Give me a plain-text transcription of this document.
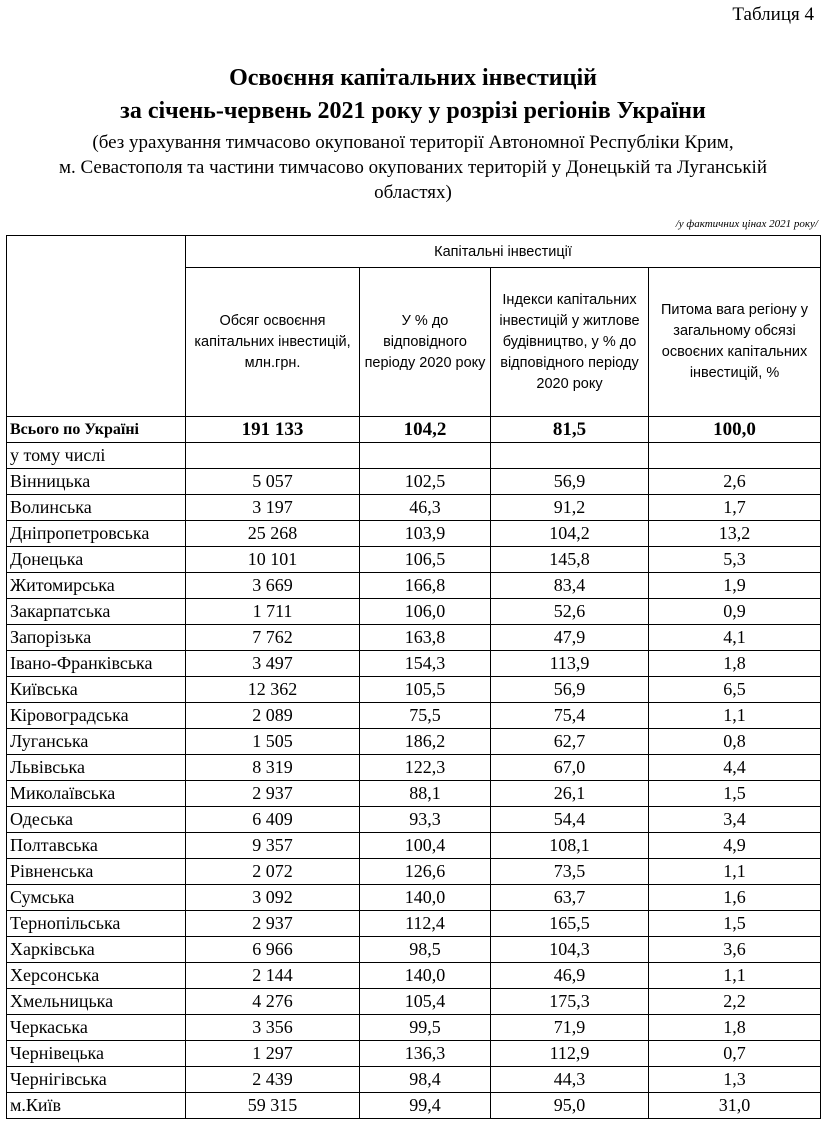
Таблиця 4
Освоєння капітальних інвестицій
за січень-червень 2021 року у розрізі регіонів України
(без урахування тимчасово окупованої території Автономної Республіки Крим,
м. Севастополя та частини тимчасово окупованих територій у Донецькій та Луганській
областях)
/у фактичних цінах 2021 року/
	Капітальні інвестиції			
	Обсяг освоєння капітальних інвестицій, млн.грн.	У % до відповідного періоду 2020 року	Індекси капітальних інвестицій у житлове будівництво, у % до відповідного періоду 2020 року	Питома вага регіону у загальному обсязі освоєних капітальних інвестицій, %
Всього по Україні	191 133	104,2	81,5	100,0
у тому числі				
Вінницька	5 057	102,5	56,9	2,6
Волинська	3 197	46,3	91,2	1,7
Дніпропетровська	25 268	103,9	104,2	13,2
Донецька	10 101	106,5	145,8	5,3
Житомирська	3 669	166,8	83,4	1,9
Закарпатська	1 711	106,0	52,6	0,9
Запорізька	7 762	163,8	47,9	4,1
Івано-Франківська	3 497	154,3	113,9	1,8
Київська	12 362	105,5	56,9	6,5
Кіровоградська	2 089	75,5	75,4	1,1
Луганська	1 505	186,2	62,7	0,8
Львівська	8 319	122,3	67,0	4,4
Миколаївська	2 937	88,1	26,1	1,5
Одеська	6 409	93,3	54,4	3,4
Полтавська	9 357	100,4	108,1	4,9
Рівненська	2 072	126,6	73,5	1,1
Сумська	3 092	140,0	63,7	1,6
Тернопільська	2 937	112,4	165,5	1,5
Харківська	6 966	98,5	104,3	3,6
Херсонська	2 144	140,0	46,9	1,1
Хмельницька	4 276	105,4	175,3	2,2
Черкаська	3 356	99,5	71,9	1,8
Чернівецька	1 297	136,3	112,9	0,7
Чернігівська	2 439	98,4	44,3	1,3
м.Київ	59 315	99,4	95,0	31,0
